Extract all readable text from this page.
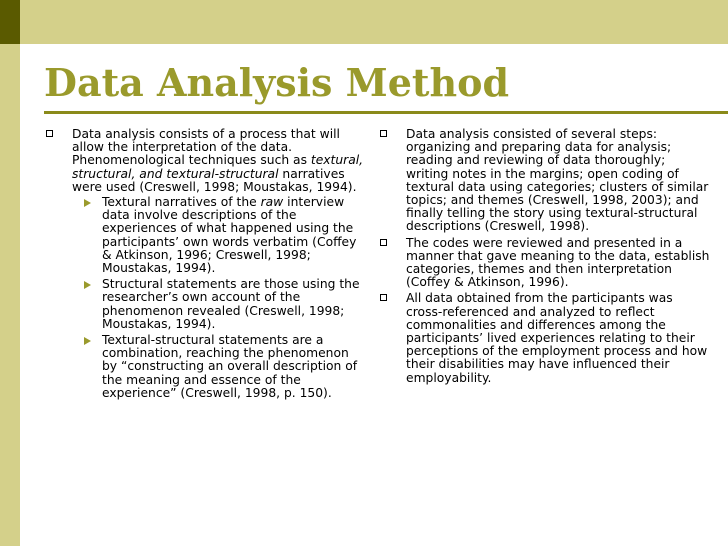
Data Analysis Method
Data analysis consists of a process that will allow the interpretation of the data. Phenomenological techniques such as textural, structural, and textural-structural narratives were used (Creswell, 1998; Moustakas, 1994).
Textural narratives of the raw interview data involve descriptions of the experiences of what happened using the participants’ own words verbatim (Coffey & Atkinson, 1996; Creswell, 1998; Moustakas, 1994).
Structural statements are those using the researcher’s own account of the phenomenon revealed (Creswell, 1998; Moustakas, 1994).
Textural-structural statements are a combination, reaching the phenomenon by “constructing an overall description of the meaning and essence of the experience” (Creswell, 1998, p. 150).
Data analysis consisted of several steps: organizing and preparing data for analysis; reading and reviewing of data thoroughly; writing notes in the margins; open coding of textural data using categories; clusters of similar topics; and themes (Creswell, 1998, 2003); and finally telling the story using textural-structural descriptions (Creswell, 1998).
The codes were reviewed and presented in a manner that gave meaning to the data, establish categories, themes and then interpretation (Coffey & Atkinson, 1996).
All data obtained from the participants was cross-referenced and analyzed to reflect commonalities and differences among the participants’ lived experiences relating to their perceptions of the employment process and how their disabilities may have influenced their employability.
